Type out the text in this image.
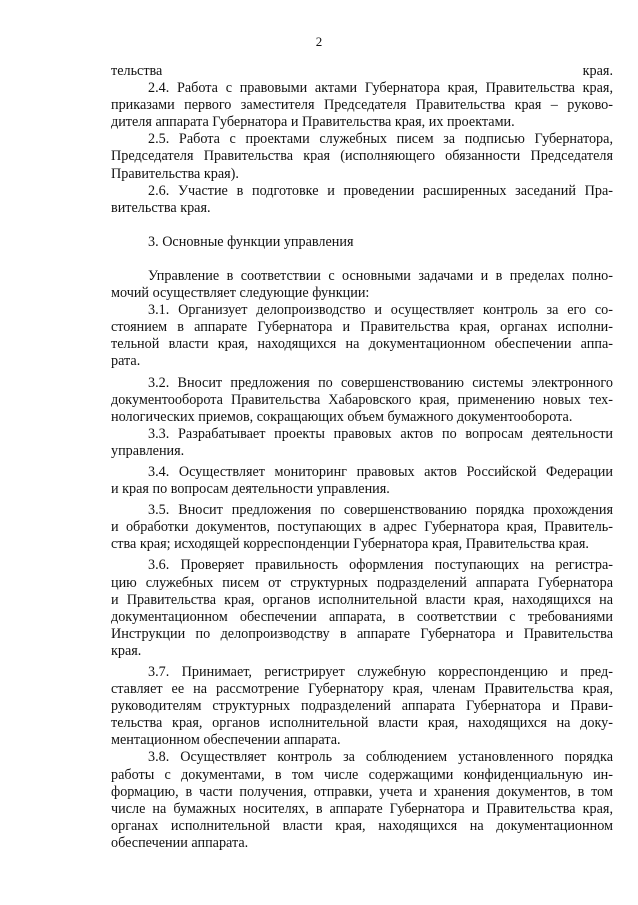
2
тельства края.
2.4. Работа с правовыми актами Губернатора края, Правительства края,
приказами первого заместителя Председателя Правительства края – руково-
дителя аппарата Губернатора и Правительства края, их проектами.
2.5. Работа с проектами служебных писем за подписью Губернатора,
Председателя Правительства края (исполняющего обязанности Председателя
Правительства края).
2.6. Участие в подготовке и проведении расширенных заседаний Пра-
вительства края.
3. Основные функции управления
Управление в соответствии с основными задачами и в пределах полно-
мочий осуществляет следующие функции:
3.1. Организует делопроизводство и осуществляет контроль за его со-
стоянием в аппарате Губернатора и Правительства края, органах исполни-
тельной власти края, находящихся на документационном обеспечении аппа-
рата.
3.2. Вносит предложения по совершенствованию системы электронного
документооборота Правительства Хабаровского края, применению новых тех-
нологических приемов, сокращающих объем бумажного документооборота.
3.3. Разрабатывает проекты правовых актов по вопросам деятельности
управления.
3.4. Осуществляет мониторинг правовых актов Российской Федерации
и края по вопросам деятельности управления.
3.5. Вносит предложения по совершенствованию порядка прохождения
и обработки документов, поступающих в адрес Губернатора края, Правитель-
ства края; исходящей корреспонденции Губернатора края, Правительства края.
3.6. Проверяет правильность оформления поступающих на регистра-
цию служебных писем от структурных подразделений аппарата Губернатора
и Правительства края, органов исполнительной власти края, находящихся на
документационном обеспечении аппарата, в соответствии с требованиями
Инструкции по делопроизводству в аппарате Губернатора и Правительства
края.
3.7. Принимает, регистрирует служебную корреспонденцию и пред-
ставляет ее на рассмотрение Губернатору края, членам Правительства края,
руководителям структурных подразделений аппарата Губернатора и Прави-
тельства края, органов исполнительной власти края, находящихся на доку-
ментационном обеспечении аппарата.
3.8. Осуществляет контроль за соблюдением установленного порядка
работы с документами, в том числе содержащими конфиденциальную ин-
формацию, в части получения, отправки, учета и хранения документов, в том
числе на бумажных носителях, в аппарате Губернатора и Правительства края,
органах исполнительной власти края, находящихся на документационном
обеспечении аппарата.
